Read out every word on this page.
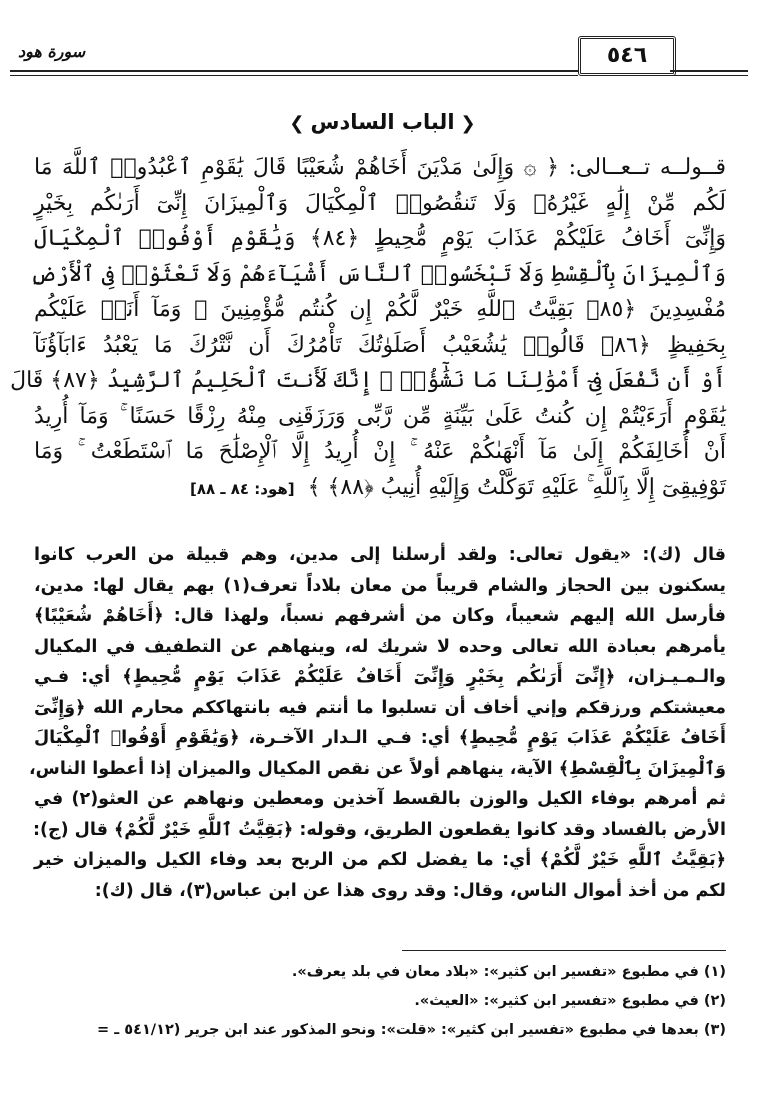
سورة هود	٥٤٦
❮الباب السادس❯
قــولــه تــعــالى: ﴿ ۞ وَإِلَىٰ مَدْيَنَ أَخَاهُمْ شُعَيْبًا قَالَ يَٰقَوْمِ ٱعْبُدُوا۟ ٱللَّهَ مَا
لَكُم مِّنْ إِلَٰهٍ غَيْرُهُۥ وَلَا تَنقُصُوا۟ ٱلْمِكْيَالَ وَٱلْمِيزَانَ إِنِّىٓ أَرَىٰكُم بِخَيْرٍ
وَإِنِّىٓ أَخَافُ عَلَيْكُمْ عَذَابَ يَوْمٍ مُّحِيطٍ ﴿٨٤﴾ وَيَٰقَوْمِ أَوْفُوا۟ ٱلْمِكْيَالَ
وَٱلْمِيزَانَ بِٱلْقِسْطِ وَلَا تَبْخَسُوا۟ ٱلنَّاسَ أَشْيَآءَهُمْ وَلَا تَعْثَوْا۟ فِى ٱلْأَرْضِ
مُفْسِدِينَ ﴿٨٥﴾ بَقِيَّتُ ٱللَّهِ خَيْرٌ لَّكُمْ إِن كُنتُم مُّؤْمِنِينَ ۚ وَمَآ أَنَا۠ عَلَيْكُم
بِحَفِيظٍ ﴿٨٦﴾ قَالُوا۟ يَٰشُعَيْبُ أَصَلَوٰتُكَ تَأْمُرُكَ أَن نَّتْرُكَ مَا يَعْبُدُ ءَابَآؤُنَآ
أَوْ أَن نَّفْعَلَ فِىٓ أَمْوَٰلِنَا مَا نَشَٰٓؤُا۟ ۖ إِنَّكَ لَأَنتَ ٱلْحَلِيمُ ٱلرَّشِيدُ ﴿٨٧﴾ قَالَ
يَٰقَوْمِ أَرَءَيْتُمْ إِن كُنتُ عَلَىٰ بَيِّنَةٍ مِّن رَّبِّى وَرَزَقَنِى مِنْهُ رِزْقًا حَسَنًا ۚ وَمَآ أُرِيدُ
أَنْ أُخَالِفَكُمْ إِلَىٰ مَآ أَنْهَىٰكُمْ عَنْهُ ۚ إِنْ أُرِيدُ إِلَّا ٱلْإِصْلَٰحَ مَا ٱسْتَطَعْتُ ۚ وَمَا
تَوْفِيقِىٓ إِلَّا بِٱللَّهِ ۚ عَلَيْهِ تَوَكَّلْتُ وَإِلَيْهِ أُنِيبُ ﴿٨٨﴾ ﴾ [هود: ٨٤ ـ ٨٨]
قال (ك): «يقول تعالى: ولقد أرسلنا إلى مدين، وهم قبيلة من العرب كانوا
يسكنون بين الحجاز والشام قريباً من معان بلاداً تعرف(١) بهم يقال لها: مدين،
فأرسل الله إليهم شعيباً، وكان من أشرفهم نسباً، ولهذا قال: ﴿أَخَاهُمْ شُعَيْبًا﴾
يأمرهم بعبادة الله تعالى وحده لا شريك له، وينهاهم عن التطفيف في المكيال
والـمـيـزان، ﴿إِنِّىٓ أَرَىٰكُم بِخَيْرٍ وَإِنِّىٓ أَخَافُ عَلَيْكُمْ عَذَابَ يَوْمٍ مُّحِيطٍ﴾ أي: فـي
معيشتكم ورزقكم وإني أخاف أن تسلبوا ما أنتم فيه بانتهاككم محارم الله ﴿وَإِنِّىٓ
أَخَافُ عَلَيْكُمْ عَذَابَ يَوْمٍ مُّحِيطٍ﴾ أي: فـي الـدار الآخـرة، ﴿وَيَٰقَوْمِ أَوْفُوا۟ ٱلْمِكْيَالَ
وَٱلْمِيزَانَ بِٱلْقِسْطِ﴾ الآية، ينهاهم أولاً عن نقص المكيال والميزان إذا أعطوا الناس،
ثم أمرهم بوفاء الكيل والوزن بالقسط آخذين ومعطين ونهاهم عن العثو(٢) في
الأرض بالفساد وقد كانوا يقطعون الطريق، وقوله: ﴿بَقِيَّتُ ٱللَّهِ خَيْرٌ لَّكُمْ﴾ قال (ج):
﴿بَقِيَّتُ ٱللَّهِ خَيْرٌ لَّكُمْ﴾ أي: ما يفضل لكم من الربح بعد وفاء الكيل والميزان خير
لكم من أخذ أموال الناس، وقال: وقد روى هذا عن ابن عباس(٣)، قال (ك):
(١) في مطبوع «تفسير ابن كثير»: «بلاد معان في بلد يعرف».
(٢) في مطبوع «تفسير ابن كثير»: «العيث».
(٣) بعدها في مطبوع «تفسير ابن كثير»: «قلت»: ونحو المذكور عند ابن جرير (٥٤١/١٢ ـ =
